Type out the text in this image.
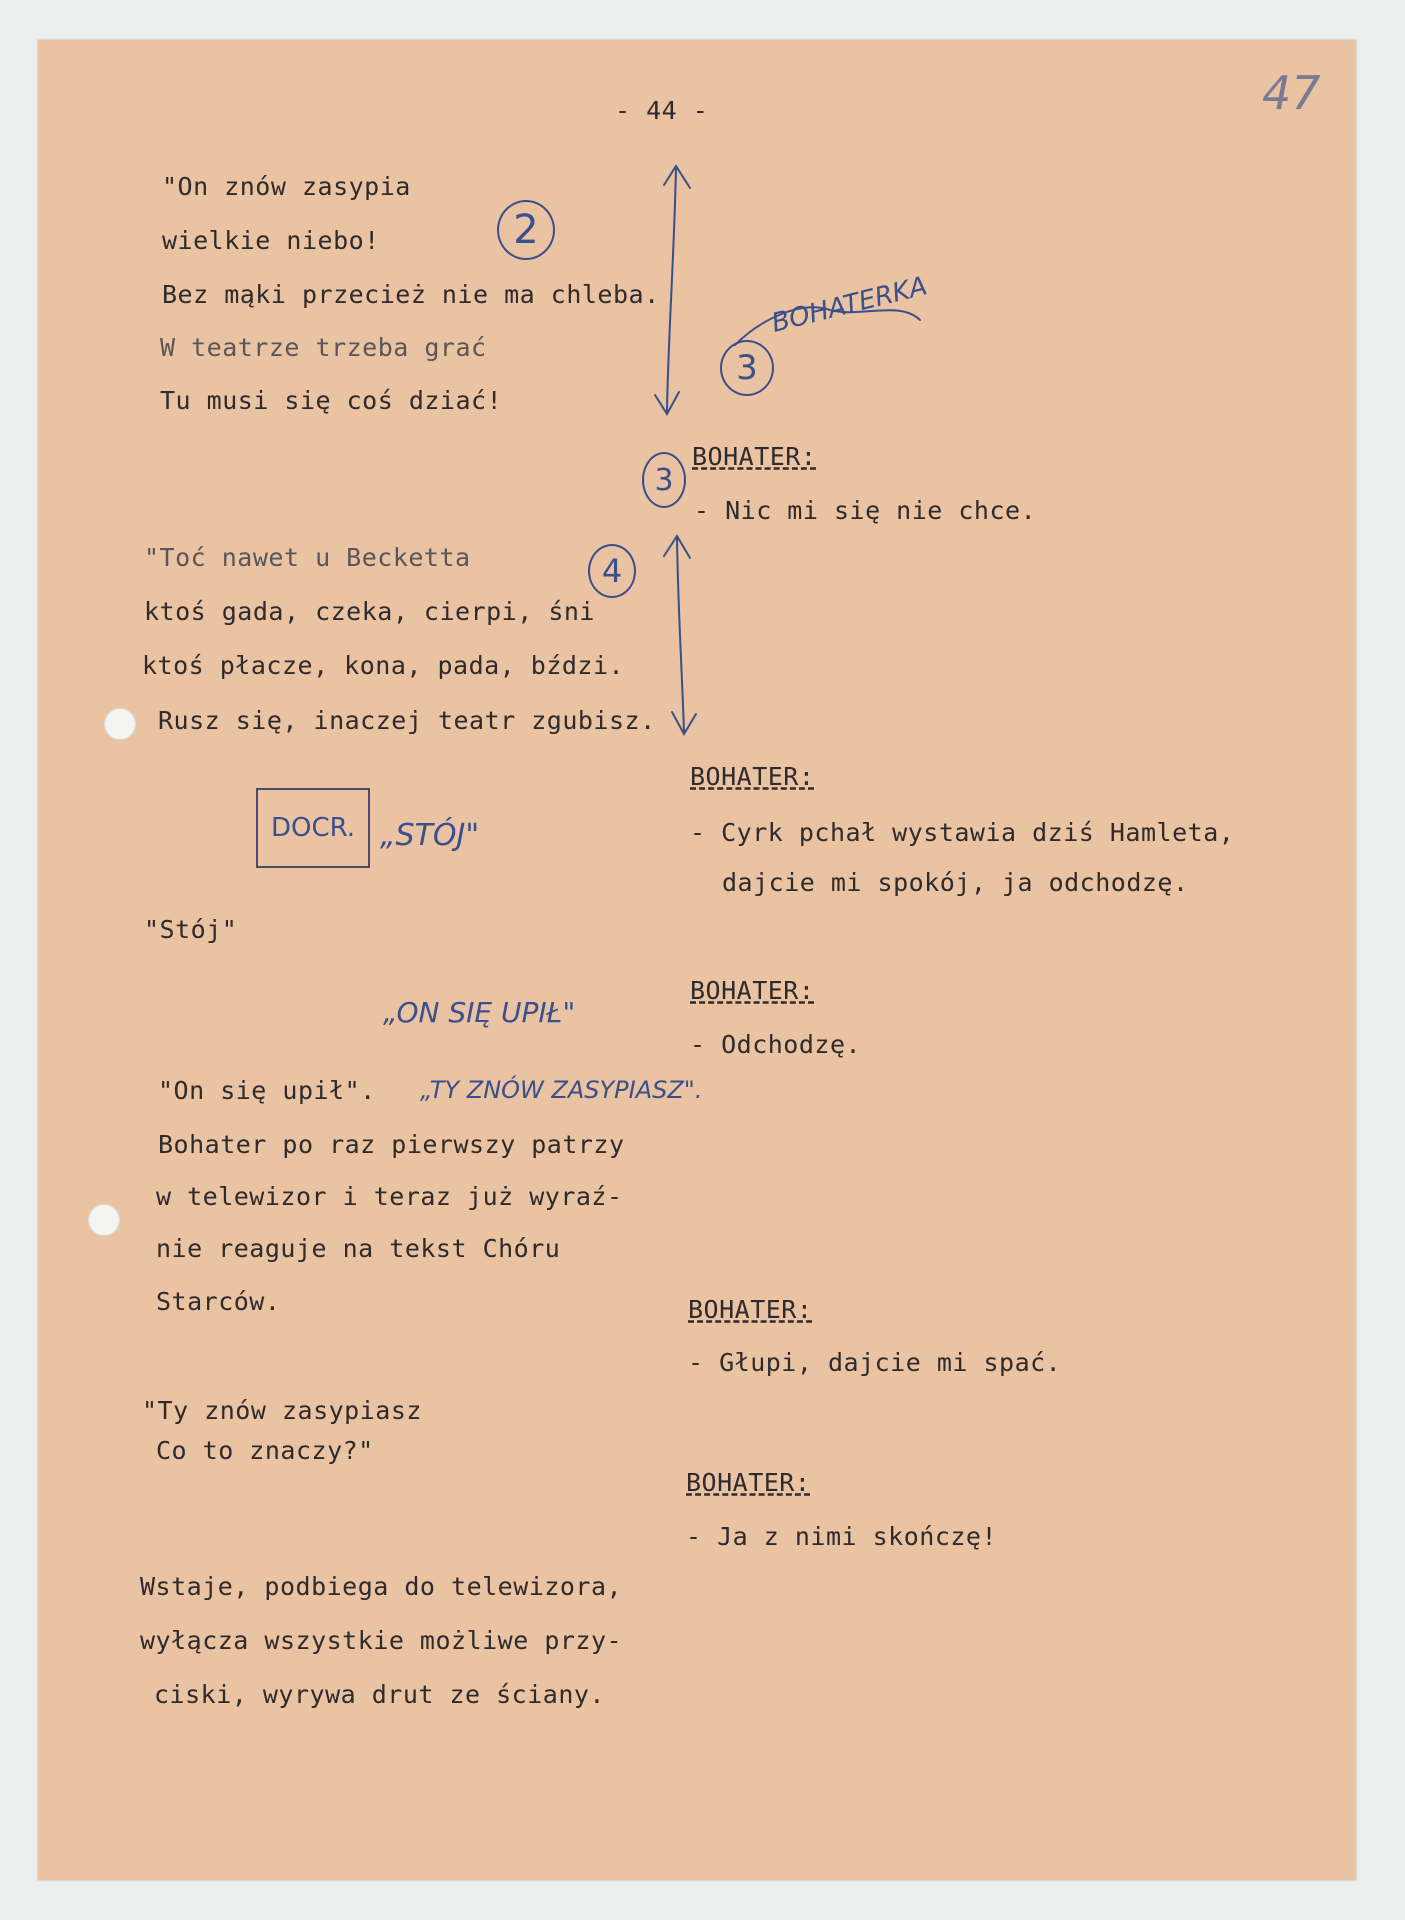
- 44 -	47
"On znów zasypia
wielkie niebo!
Bez mąki przecież nie ma chleba.
W teatrze trzeba grać
Tu musi się coś dziać!
"Toć nawet u Becketta
ktoś gada, czeka, cierpi, śni
ktoś płacze, kona, pada, bździ.
Rusz się, inaczej teatr zgubisz.
"Stój"
"On się upił".
Bohater po raz pierwszy patrzy
w telewizor i teraz już wyraź-
nie reaguje na tekst Chóru
Starców.
"Ty znów zasypiasz
Co to znaczy?"
Wstaje, podbiega do telewizora,
wyłącza wszystkie możliwe przy-
ciski, wyrywa drut ze ściany.
BOHATER:
- Nic mi się nie chce.
BOHATER:
- Cyrk pchał wystawia dziś Hamleta,
dajcie mi spokój, ja odchodzę.
BOHATER:
- Odchodzę.
BOHATER:
- Głupi, dajcie mi spać.
BOHATER:
- Ja z nimi skończę!
2
3
BOHATERKA
3
4
DOCR. „STÓJ"
„ON SIĘ UPIŁ"
„TY ZNÓW ZASYPIASZ".
